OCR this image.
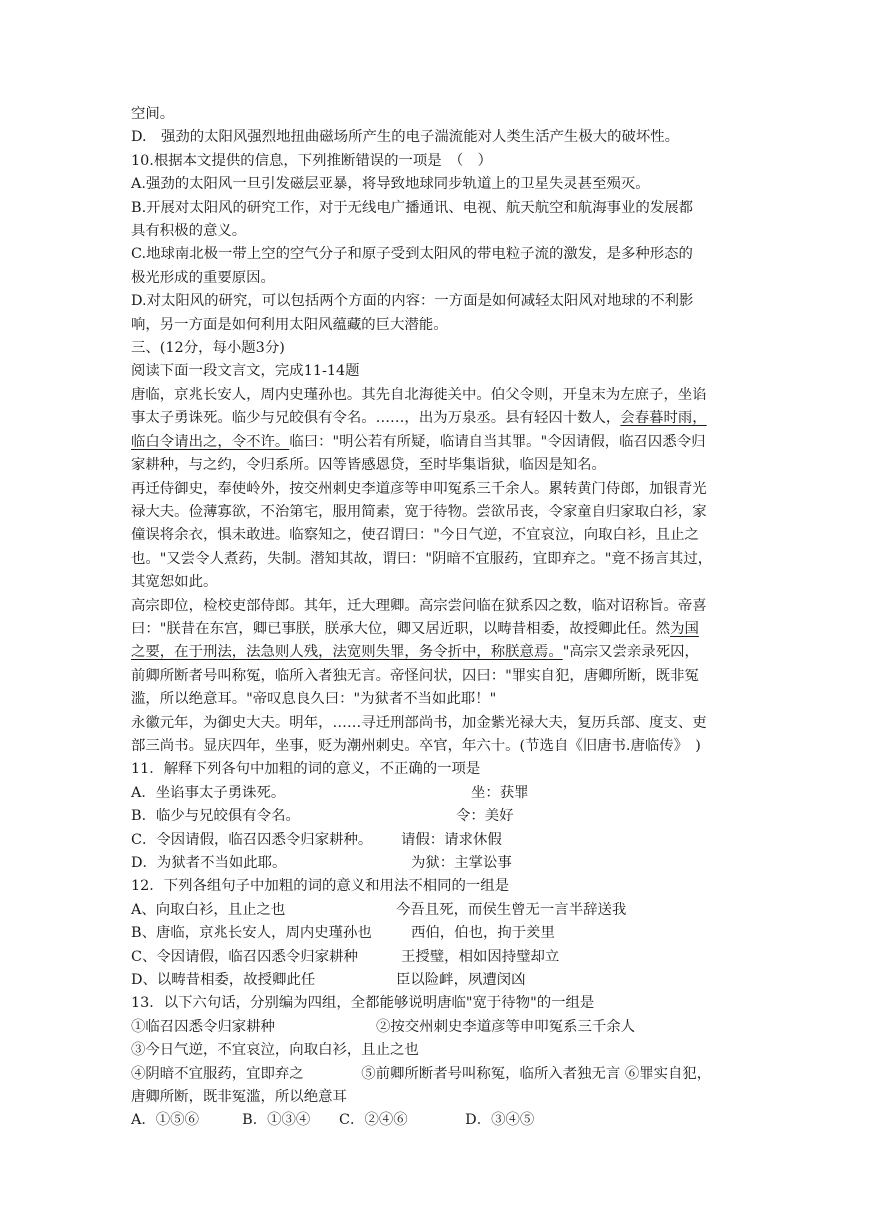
空间。

D.　强劲的太阳风强烈地扭曲磁场所产生的电子湍流能对人类生活产生极大的破坏性。

10.根据本文提供的信息，下列推断错误的一项是　（　）

A.强劲的太阳风一旦引发磁层亚暴，将导致地球同步轨道上的卫星失灵甚至殒灭。

B.开展对太阳风的研究工作，对于无线电广播通讯、电视、航天航空和航海事业的发展都

具有积极的意义。

C.地球南北极一带上空的空气分子和原子受到太阳风的带电粒子流的激发，是多种形态的

极光形成的重要原因。

D.对太阳风的研究，可以包括两个方面的内容：一方面是如何减轻太阳风对地球的不利影

响，另一方面是如何利用太阳风蕴藏的巨大潜能。

三、(12分，每小题3分)

阅读下面一段文言文，完成11-14题

唐临，京兆长安人，周内史瑾孙也。其先自北海徙关中。伯父令则，开皇末为左庶子，坐谄

事太子勇诛死。临少与兄皎俱有令名。……，出为万泉丞。县有轻囚十数人，会春暮时雨，

临白令请出之，令不许。临曰："明公若有所疑，临请自当其罪。"令因请假，临召囚悉令归

家耕种，与之约，令归系所。囚等皆感恩贷，至时毕集诣狱，临因是知名。

再迁侍御史，奉使岭外，按交州刺史李道彦等申叩冤系三千余人。累转黄门侍郎，加银青光

禄大夫。俭薄寡欲，不治第宅，服用简素，宽于待物。尝欲吊丧，令家童自归家取白衫，家

僮误将余衣，惧未敢进。临察知之，使召谓曰："今日气逆，不宜哀泣，向取白衫，且止之

也。"又尝令人煮药，失制。潜知其故，谓曰："阴暗不宜服药，宜即弃之。"竟不扬言其过，

其宽恕如此。

高宗即位，检校吏部侍郎。其年，迁大理卿。高宗尝问临在狱系囚之数，临对诏称旨。帝喜

曰："朕昔在东宫，卿已事朕，朕承大位，卿又居近职，以畴昔相委，故授卿此任。然为国

之要，在于刑法，法急则人残，法宽则失罪，务令折中，称朕意焉。"高宗又尝亲录死囚，

前卿所断者号叫称冤，临所入者独无言。帝怪问状，囚曰："罪实自犯，唐卿所断，既非冤

滥，所以绝意耳。"帝叹息良久曰："为狱者不当如此耶！"

永徽元年，为御史大夫。明年，……寻迁刑部尚书，加金紫光禄大夫，复历兵部、度支、吏

部三尚书。显庆四年，坐事，贬为潮州刺史。卒官，年六十。(节选自《旧唐书.唐临传》　)

11．解释下列各句中加粗的词的意义，不正确的一项是

A．坐谄事太子勇诛死。	坐：获罪
B．临少与兄皎俱有令名。	令：美好
C．令因请假，临召囚悉令归家耕种。	请假：请求休假
D．为狱者不当如此耶。	为狱：主掌讼事

12．下列各组句子中加粗的词的意义和用法不相同的一组是

A、向取白衫，且止之也	今吾且死，而侯生曾无一言半辞送我
B、唐临，京兆长安人，周内史瑾孙也	西伯，伯也，拘于羑里
C、令因请假，临召囚悉令归家耕种	王授璧，相如因持璧却立
D、以畴昔相委，故授卿此任	臣以险衅，夙遭闵凶

13．以下六句话，分别编为四组，全都能够说明唐临"宽于待物"的一组是

①临召囚悉令归家耕种	②按交州刺史李道彦等申叩冤系三千余人

③今日气逆，不宜哀泣，向取白衫，且止之也

④阴暗不宜服药，宜即弃之　　　　⑤前卿所断者号叫称冤，临所入者独无言 ⑥罪实自犯，

唐卿所断，既非冤滥，所以绝意耳

A．①⑤⑥　　　B．①③④　　C．②④⑥　　　　D．③④⑤
